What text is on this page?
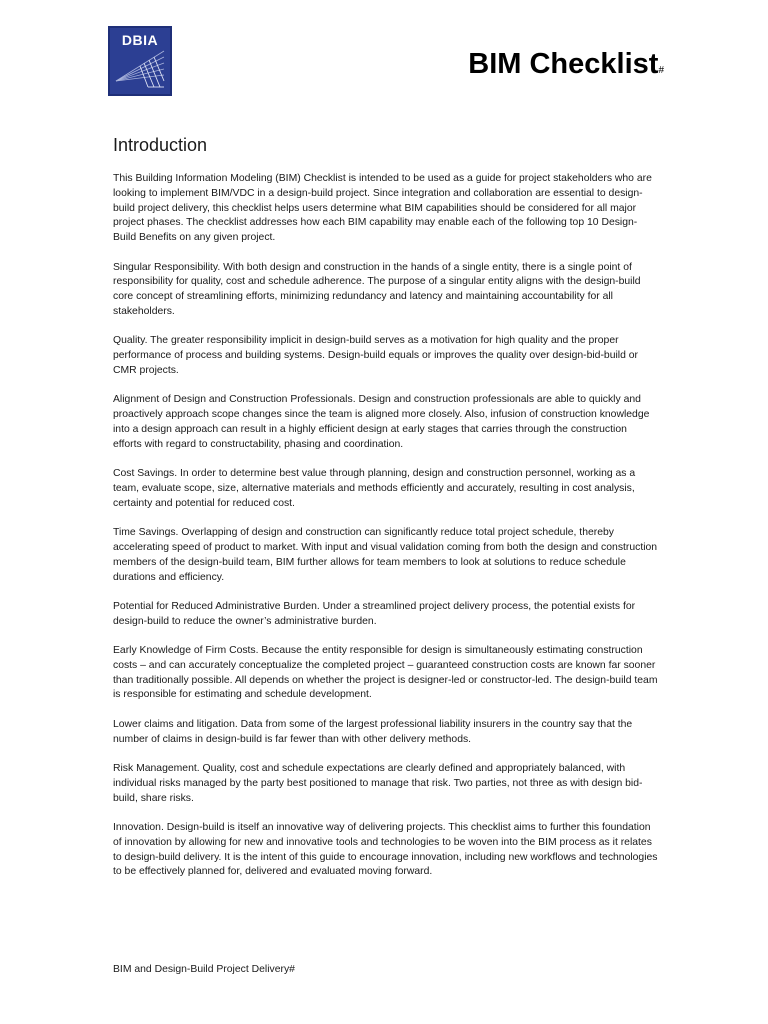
DBIA
BIM Checklist#
Introduction

This Building Information Modeling (BIM) Checklist is intended to be used as a guide for project stakeholders who are looking to implement BIM/VDC in a design-build project. Since integration and collaboration are essential to design-build project delivery, this checklist helps users determine what BIM capabilities should be considered for all major project phases. The checklist addresses how each BIM capability may enable each of the following top 10 Design-Build Benefits on any given project.

Singular Responsibility. With both design and construction in the hands of a single entity, there is a single point of responsibility for quality, cost and schedule adherence. The purpose of a singular entity aligns with the design-build core concept of streamlining efforts, minimizing redundancy and latency and maintaining accountability for all stakeholders.

Quality. The greater responsibility implicit in design-build serves as a motivation for high quality and the proper performance of process and building systems. Design-build equals or improves the quality over design-bid-build or CMR projects.

Alignment of Design and Construction Professionals. Design and construction professionals are able to quickly and proactively approach scope changes since the team is aligned more closely. Also, infusion of construction knowledge into a design approach can result in a highly efficient design at early stages that carries through the construction efforts with regard to constructability, phasing and coordination.

Cost Savings. In order to determine best value through planning, design and construction personnel, working as a team, evaluate scope, size, alternative materials and methods efficiently and accurately, resulting in cost analysis, certainty and potential for reduced cost.

Time Savings. Overlapping of design and construction can significantly reduce total project schedule, thereby accelerating speed of product to market. With input and visual validation coming from both the design and construction members of the design-build team, BIM further allows for team members to look at solutions to reduce schedule durations and efficiency.

Potential for Reduced Administrative Burden. Under a streamlined project delivery process, the potential exists for design-build to reduce the owner’s administrative burden.

Early Knowledge of Firm Costs. Because the entity responsible for design is simultaneously estimating construction costs – and can accurately conceptualize the completed project – guaranteed construction costs are known far sooner than traditionally possible. All depends on whether the project is designer-led or constructor-led. The design-build team is responsible for estimating and schedule development.

Lower claims and litigation. Data from some of the largest professional liability insurers in the country say that the number of claims in design-build is far fewer than with other delivery methods.

Risk Management. Quality, cost and schedule expectations are clearly defined and appropriately balanced, with individual risks managed by the party best positioned to manage that risk. Two parties, not three as with design bid-build, share risks.

Innovation. Design-build is itself an innovative way of delivering projects. This checklist aims to further this foundation of innovation by allowing for new and innovative tools and technologies to be woven into the BIM process as it relates to design-build delivery. It is the intent of this guide to encourage innovation, including new workflows and technologies to be effectively planned for, delivered and evaluated moving forward.

BIM and Design-Build Project Delivery#
